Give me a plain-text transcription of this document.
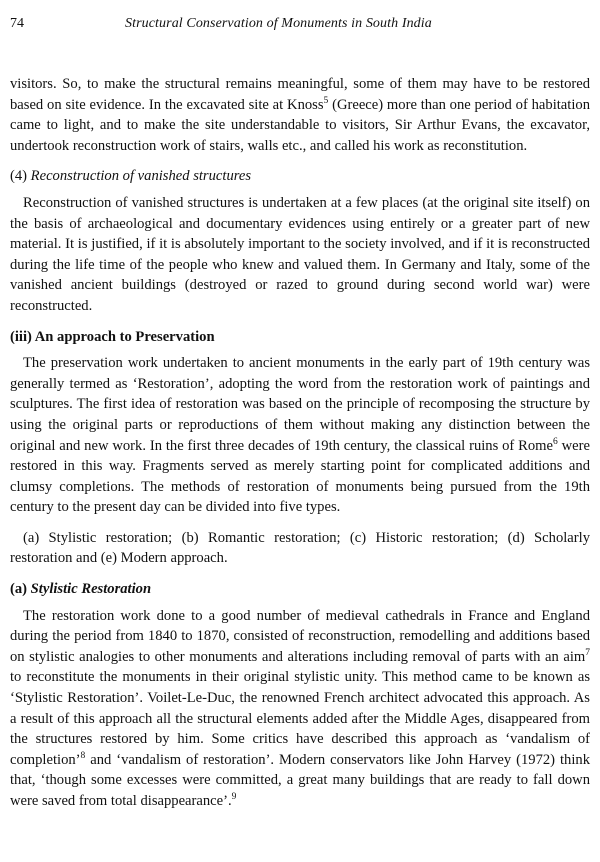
74	Structural Conservation of Monuments in South India

visitors. So, to make the structural remains meaningful, some of them may have to be restored based on site evidence. In the excavated site at Knoss$^5$ (Greece) more than one period of habitation came to light, and to make the site understandable to visitors, Sir Arthur Evans, the excavator, undertook reconstruction work of stairs, walls etc., and called his work as reconstitution.

(4) Reconstruction of vanished structures

Reconstruction of vanished structures is undertaken at a few places (at the original site itself) on the basis of archaeological and documentary evidences using entirely or a greater part of new material. It is justified, if it is absolutely important to the society involved, and if it is reconstructed during the life time of the people who knew and valued them. In Germany and Italy, some of the vanished ancient buildings (destroyed or razed to ground during second world war) were reconstructed.

(iii) An approach to Preservation

The preservation work undertaken to ancient monuments in the early part of 19th century was generally termed as ‘Restoration’, adopting the word from the restoration work of paintings and sculptures. The first idea of restoration was based on the principle of recomposing the structure by using the original parts or reproductions of them without making any distinction between the original and new work. In the first three decades of 19th century, the classical ruins of Rome$^6$ were restored in this way. Fragments served as merely starting point for complicated additions and clumsy completions. The methods of restoration of monuments being pursued from the 19th century to the present day can be divided into five types.

(a) Stylistic restoration; (b) Romantic restoration; (c) Historic restoration; (d) Scholarly restoration and (e) Modern approach.

(a) Stylistic Restoration

The restoration work done to a good number of medieval cathedrals in France and England during the period from 1840 to 1870, consisted of reconstruction, remodelling and additions based on stylistic analogies to other monuments and alterations including removal of parts with an aim$^7$ to reconstitute the monuments in their original stylistic unity. This method came to be known as ‘Stylistic Restoration’. Voilet-Le-Duc, the renowned French architect advocated this approach. As a result of this approach all the structural elements added after the Middle Ages, disappeared from the structures restored by him. Some critics have described this approach as ‘vandalism of completion’$^8$ and ‘vandalism of restoration’. Modern conservators like John Harvey (1972) think that, ‘though some excesses were committed, a great many buildings that are ready to fall down were saved from total disappearance’.$^9$
